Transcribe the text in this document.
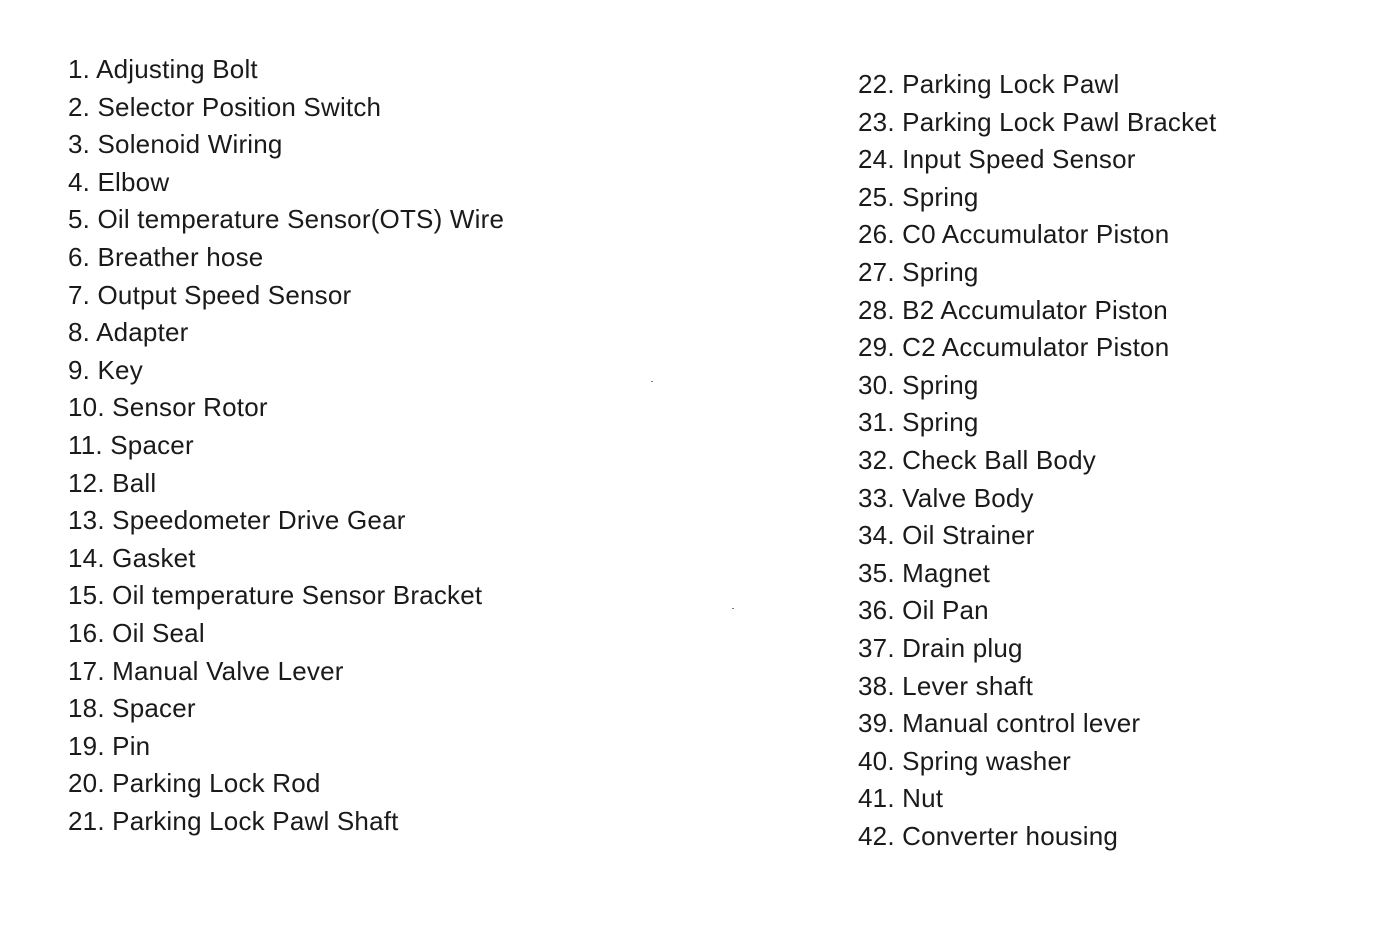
1. Adjusting Bolt
2. Selector Position Switch
3. Solenoid Wiring
4. Elbow
5. Oil temperature Sensor(OTS) Wire
6. Breather hose
7. Output Speed Sensor
8. Adapter
9. Key
10. Sensor Rotor
11. Spacer
12. Ball
13. Speedometer Drive Gear
14. Gasket
15. Oil temperature Sensor Bracket
16. Oil Seal
17. Manual Valve Lever
18. Spacer
19. Pin
20. Parking Lock Rod
21. Parking Lock Pawl Shaft
22. Parking Lock Pawl
23. Parking Lock Pawl Bracket
24. Input Speed Sensor
25. Spring
26. C0 Accumulator Piston
27. Spring
28. B2 Accumulator Piston
29. C2 Accumulator Piston
30. Spring
31. Spring
32. Check Ball Body
33. Valve Body
34. Oil Strainer
35. Magnet
36. Oil Pan
37. Drain plug
38. Lever shaft
39. Manual control lever
40. Spring washer
41. Nut
42. Converter housing
